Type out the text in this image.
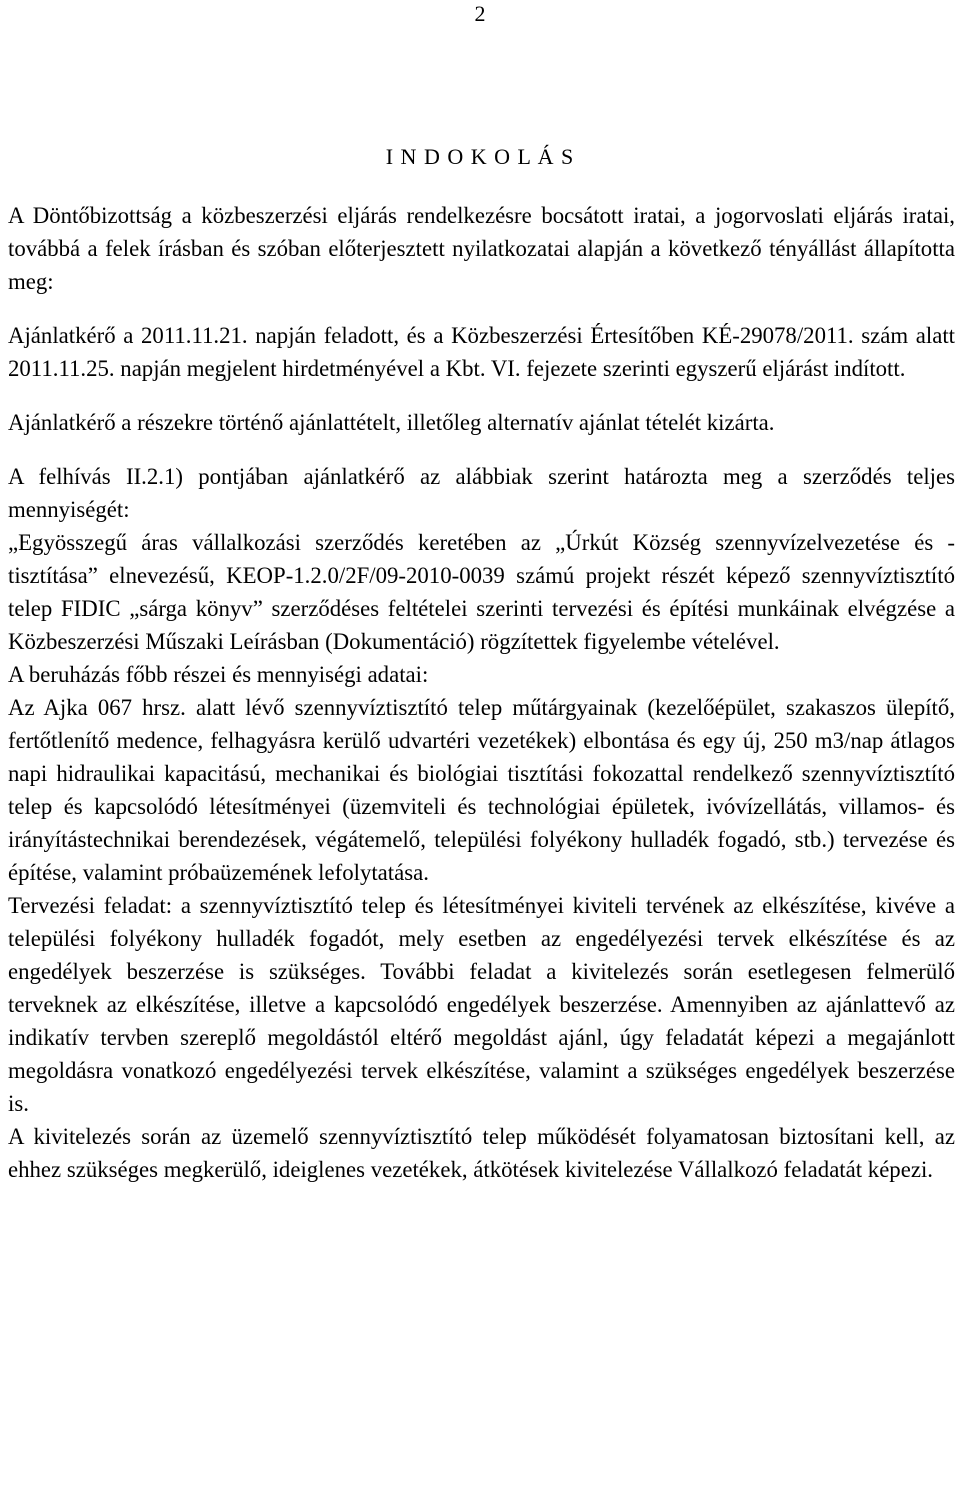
2
I N D O K O L Á S

A Döntőbizottság a közbeszerzési eljárás rendelkezésre bocsátott iratai, a jogorvoslati eljárás iratai, továbbá a felek írásban és szóban előterjesztett nyilatkozatai alapján a következő tényállást állapította meg:

Ajánlatkérő a 2011.11.21. napján feladott, és a Közbeszerzési Értesítőben KÉ-29078/2011. szám alatt 2011.11.25. napján megjelent hirdetményével a Kbt. VI. fejezete szerinti egyszerű eljárást indított.

Ajánlatkérő a részekre történő ajánlattételt, illetőleg alternatív ajánlat tételét kizárta.

A felhívás II.2.1) pontjában ajánlatkérő az alábbiak szerint határozta meg a szerződés teljes mennyiségét:

„Egyösszegű áras vállalkozási szerződés keretében az „Úrkút Község szennyvízelvezetése és - tisztítása” elnevezésű, KEOP-1.2.0/2F/09-2010-0039 számú projekt részét képező szennyvíztisztító telep FIDIC „sárga könyv” szerződéses feltételei szerinti tervezési és építési munkáinak elvégzése a Közbeszerzési Műszaki Leírásban (Dokumentáció) rögzítettek figyelembe vételével.

A beruházás főbb részei és mennyiségi adatai:

Az Ajka 067 hrsz. alatt lévő szennyvíztisztító telep műtárgyainak (kezelőépület, szakaszos ülepítő, fertőtlenítő medence, felhagyásra kerülő udvartéri vezetékek) elbontása és egy új, 250 m3/nap átlagos napi hidraulikai kapacitású, mechanikai és biológiai tisztítási fokozattal rendelkező szennyvíztisztító telep és kapcsolódó létesítményei (üzemviteli és technológiai épületek, ivóvízellátás, villamos- és irányítástechnikai berendezések, végátemelő, települési folyékony hulladék fogadó, stb.) tervezése és építése, valamint próbaüzemének lefolytatása.

Tervezési feladat: a szennyvíztisztító telep és létesítményei kiviteli tervének az elkészítése, kivéve a települési folyékony hulladék fogadót, mely esetben az engedélyezési tervek elkészítése és az engedélyek beszerzése is szükséges. További feladat a kivitelezés során esetlegesen felmerülő terveknek az elkészítése, illetve a kapcsolódó engedélyek beszerzése. Amennyiben az ajánlattevő az indikatív tervben szereplő megoldástól eltérő megoldást ajánl, úgy feladatát képezi a megajánlott megoldásra vonatkozó engedélyezési tervek elkészítése, valamint a szükséges engedélyek beszerzése is.

A kivitelezés során az üzemelő szennyvíztisztító telep működését folyamatosan biztosítani kell, az ehhez szükséges megkerülő, ideiglenes vezetékek, átkötések kivitelezése Vállalkozó feladatát képezi.
